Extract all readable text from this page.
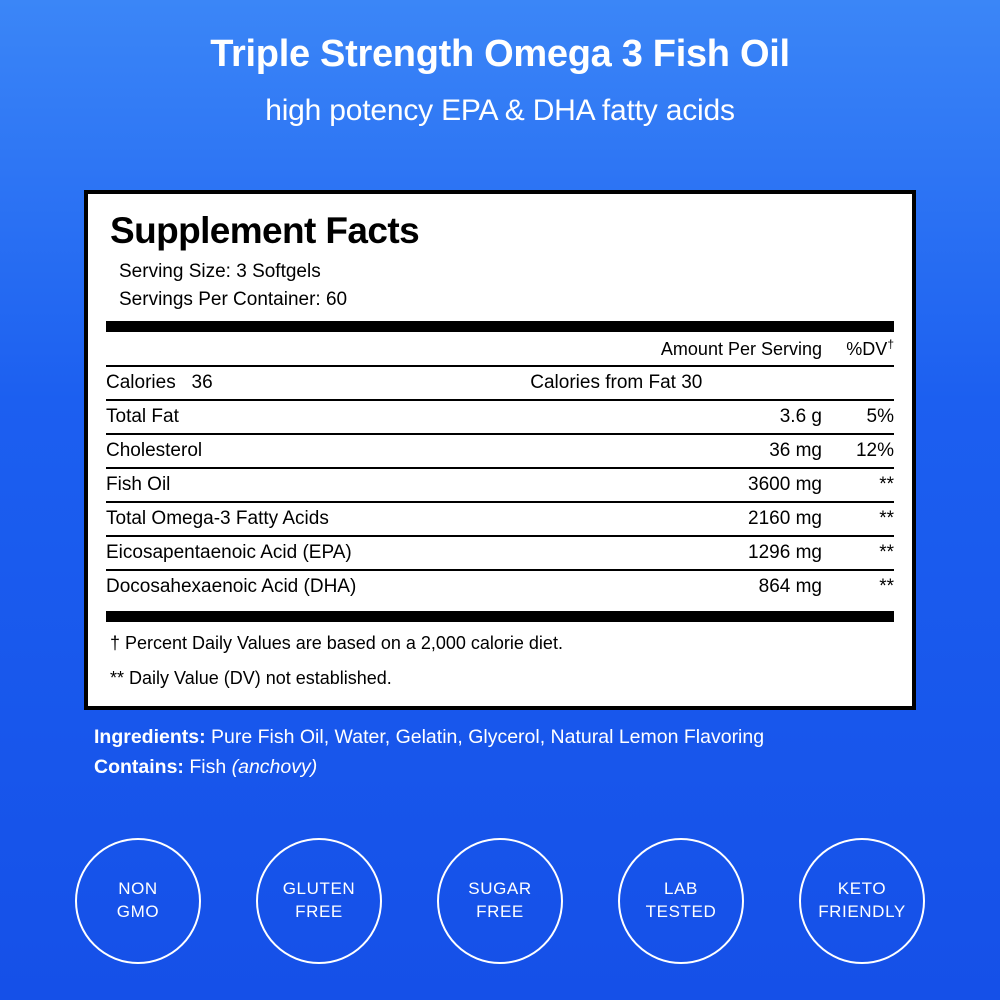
Triple Strength Omega 3 Fish Oil
high potency EPA & DHA fatty acids
Supplement Facts
Serving Size: 3 Softgels
Servings Per Container: 60
	Amount Per Serving	%DV†
Calories 36	Calories from Fat 30	
Total Fat	3.6 g	5%
Cholesterol	36 mg	12%
Fish Oil	3600 mg	**
Total Omega-3 Fatty Acids	2160 mg	**
Eicosapentaenoic Acid (EPA)	1296 mg	**
Docosahexaenoic Acid (DHA)	864 mg	**
† Percent Daily Values are based on a 2,000 calorie diet.
** Daily Value (DV) not established.
Ingredients: Pure Fish Oil, Water, Gelatin, Glycerol, Natural Lemon Flavoring
Contains: Fish (anchovy)
NON
GMO
GLUTEN
FREE
SUGAR
FREE
LAB
TESTED
KETO
FRIENDLY
